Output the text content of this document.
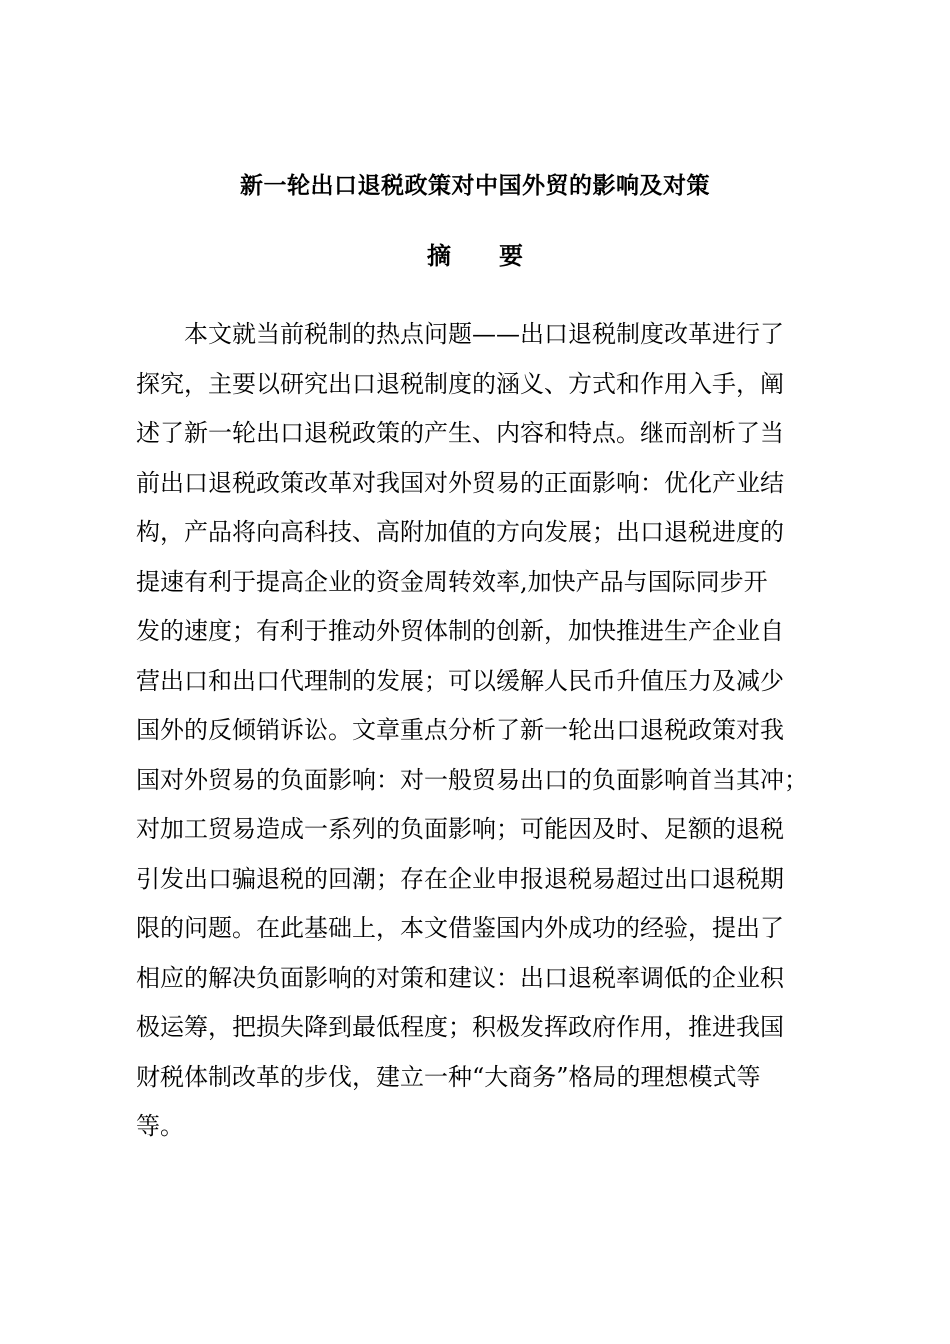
新一轮出口退税政策对中国外贸的影响及对策
摘 要
本文就当前税制的热点问题——出口退税制度改革进行了
探究，主要以研究出口退税制度的涵义、方式和作用入手，阐
述了新一轮出口退税政策的产生、内容和特点。继而剖析了当
前出口退税政策改革对我国对外贸易的正面影响：优化产业结
构，产品将向高科技、高附加值的方向发展；出口退税进度的
提速有利于提高企业的资金周转效率,加快产品与国际同步开
发的速度；有利于推动外贸体制的创新，加快推进生产企业自
营出口和出口代理制的发展；可以缓解人民币升值压力及减少
国外的反倾销诉讼。文章重点分析了新一轮出口退税政策对我
国对外贸易的负面影响：对一般贸易出口的负面影响首当其冲；
对加工贸易造成一系列的负面影响；可能因及时、足额的退税
引发出口骗退税的回潮；存在企业申报退税易超过出口退税期
限的问题。在此基础上，本文借鉴国内外成功的经验，提出了
相应的解决负面影响的对策和建议：出口退税率调低的企业积
极运筹，把损失降到最低程度；积极发挥政府作用，推进我国
财税体制改革的步伐，建立一种“大商务”格局的理想模式等
等。
